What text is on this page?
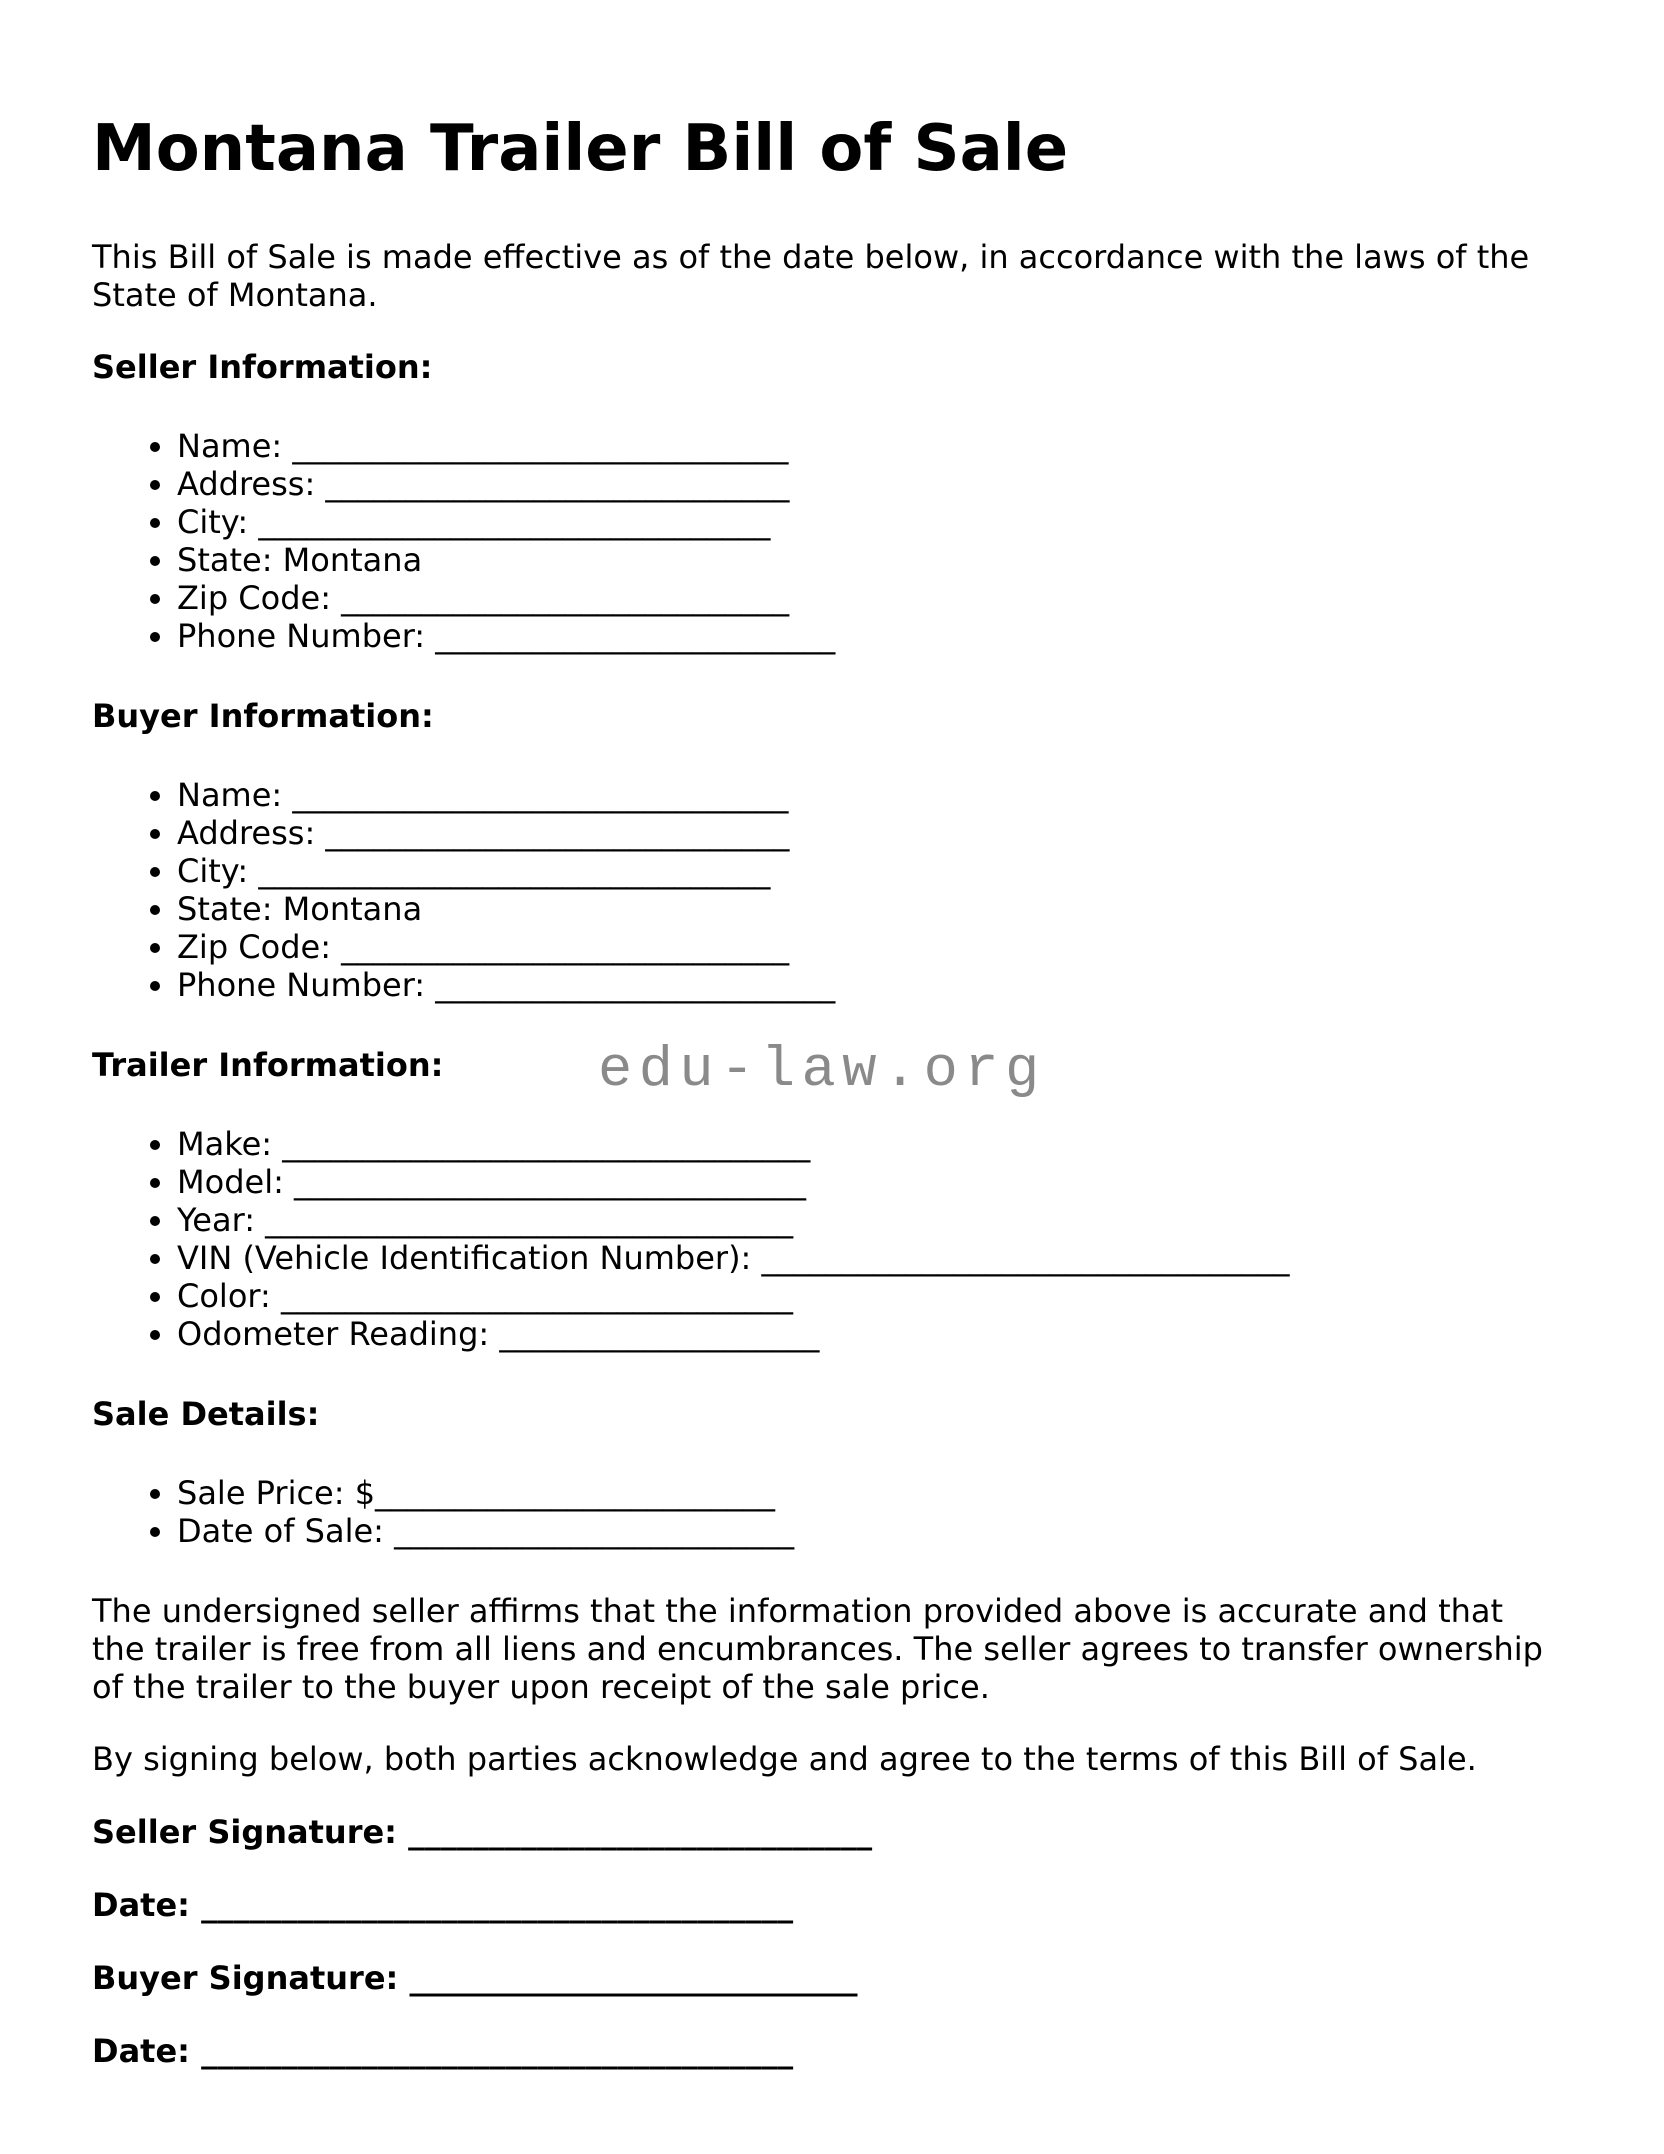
Montana Trailer Bill of Sale
This Bill of Sale is made effective as of the date below, in accordance with the laws of the
State of Montana.
Seller Information:
• Name: _______________________________
• Address: _____________________________
• City: ________________________________
• State: Montana
• Zip Code: ____________________________
• Phone Number: _________________________
Buyer Information:
• Name: _______________________________
• Address: _____________________________
• City: ________________________________
• State: Montana
• Zip Code: ____________________________
• Phone Number: _________________________
Trailer Information:
• Make: _________________________________
• Model: ________________________________
• Year: _________________________________
• VIN (Vehicle Identification Number): _________________________________
• Color: ________________________________
• Odometer Reading: ____________________
Sale Details:
• Sale Price: $_________________________
• Date of Sale: _________________________
The undersigned seller affirms that the information provided above is accurate and that
the trailer is free from all liens and encumbrances. The seller agrees to transfer ownership
of the trailer to the buyer upon receipt of the sale price.
By signing below, both parties acknowledge and agree to the terms of this Bill of Sale.

Seller Signature: _____________________________

Date: _____________________________________

Buyer Signature: ____________________________

Date: _____________________________________

edu-law.org
